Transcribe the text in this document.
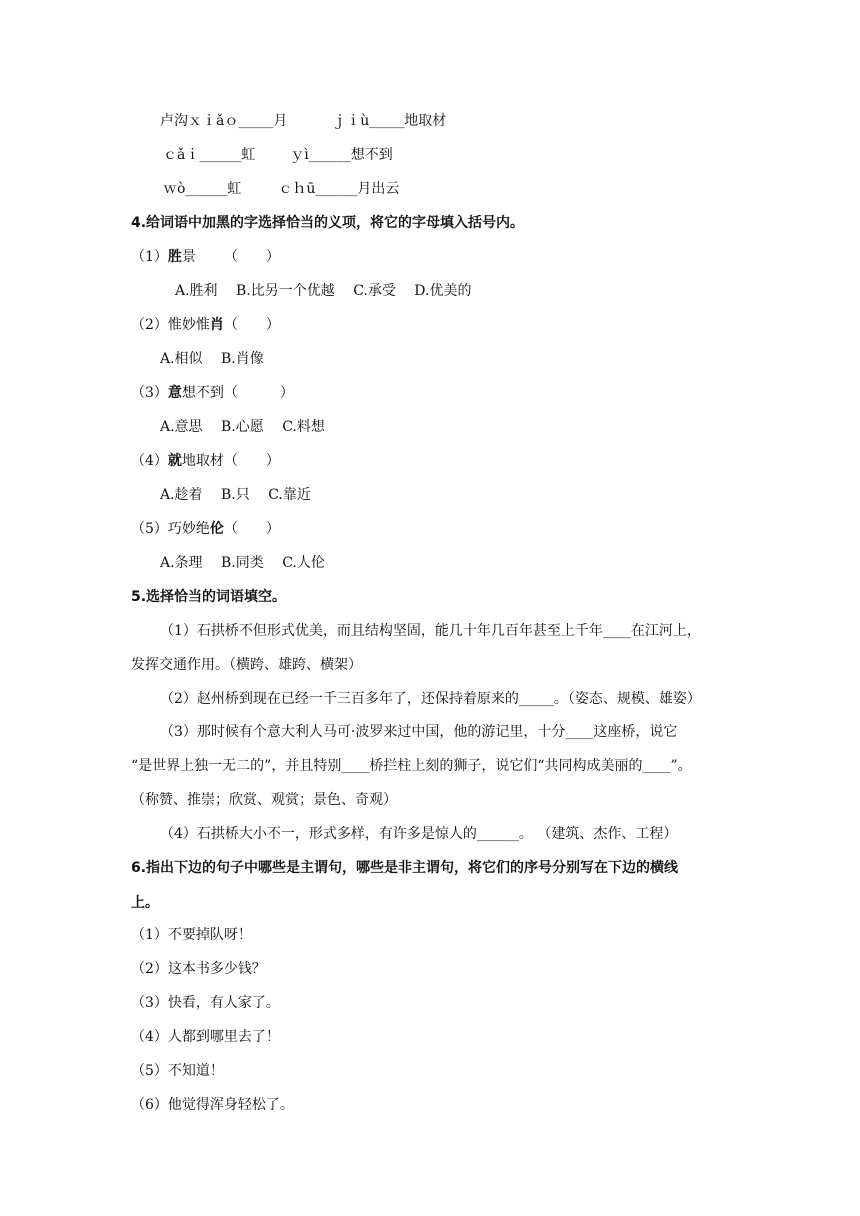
卢沟ｘｉǎｏ_____月	ｊｉù_____地取材
ｃǎｉ______虹 ｙì______想不到
ｗò______虹	ｃｈū______月出云
4.给词语中加黑的字选择恰当的义项，将它的字母填入括号内。
（1）胜景 （　　）
A.胜利　 B.比另一个优越　 C.承受　 D.优美的
（2）惟妙惟肖（　　）
A.相似　 B.肖像
（3）意想不到（　　　）
A.意思　 B.心愿　 C.料想
（4）就地取材（　　）
A.趁着　 B.只　 C.靠近
（5）巧妙绝伦（　　）
A.条理　 B.同类　 C.人伦
5.选择恰当的词语填空。
（1）石拱桥不但形式优美，而且结构坚固，能几十年几百年甚至上千年____在江河上，
发挥交通作用。（横跨、雄跨、横架）
（2）赵州桥到现在已经一千三百多年了，还保持着原来的_____。（姿态、规模、雄姿）
（3）那时候有个意大利人马可·波罗来过中国，他的游记里，十分____这座桥，说它
“是世界上独一无二的”，并且特别____桥拦柱上刻的狮子，说它们“共同构成美丽的____”。
（称赞、推崇；欣赏、观赏；景色、奇观）
（4）石拱桥大小不一，形式多样，有许多是惊人的______。 （建筑、杰作、工程）
6.指出下边的句子中哪些是主谓句，哪些是非主谓句，将它们的序号分别写在下边的横线
上。
（1）不要掉队呀！
（2）这本书多少钱？
（3）快看，有人家了。
（4）人都到哪里去了！
（5）不知道！
（6）他觉得浑身轻松了。
